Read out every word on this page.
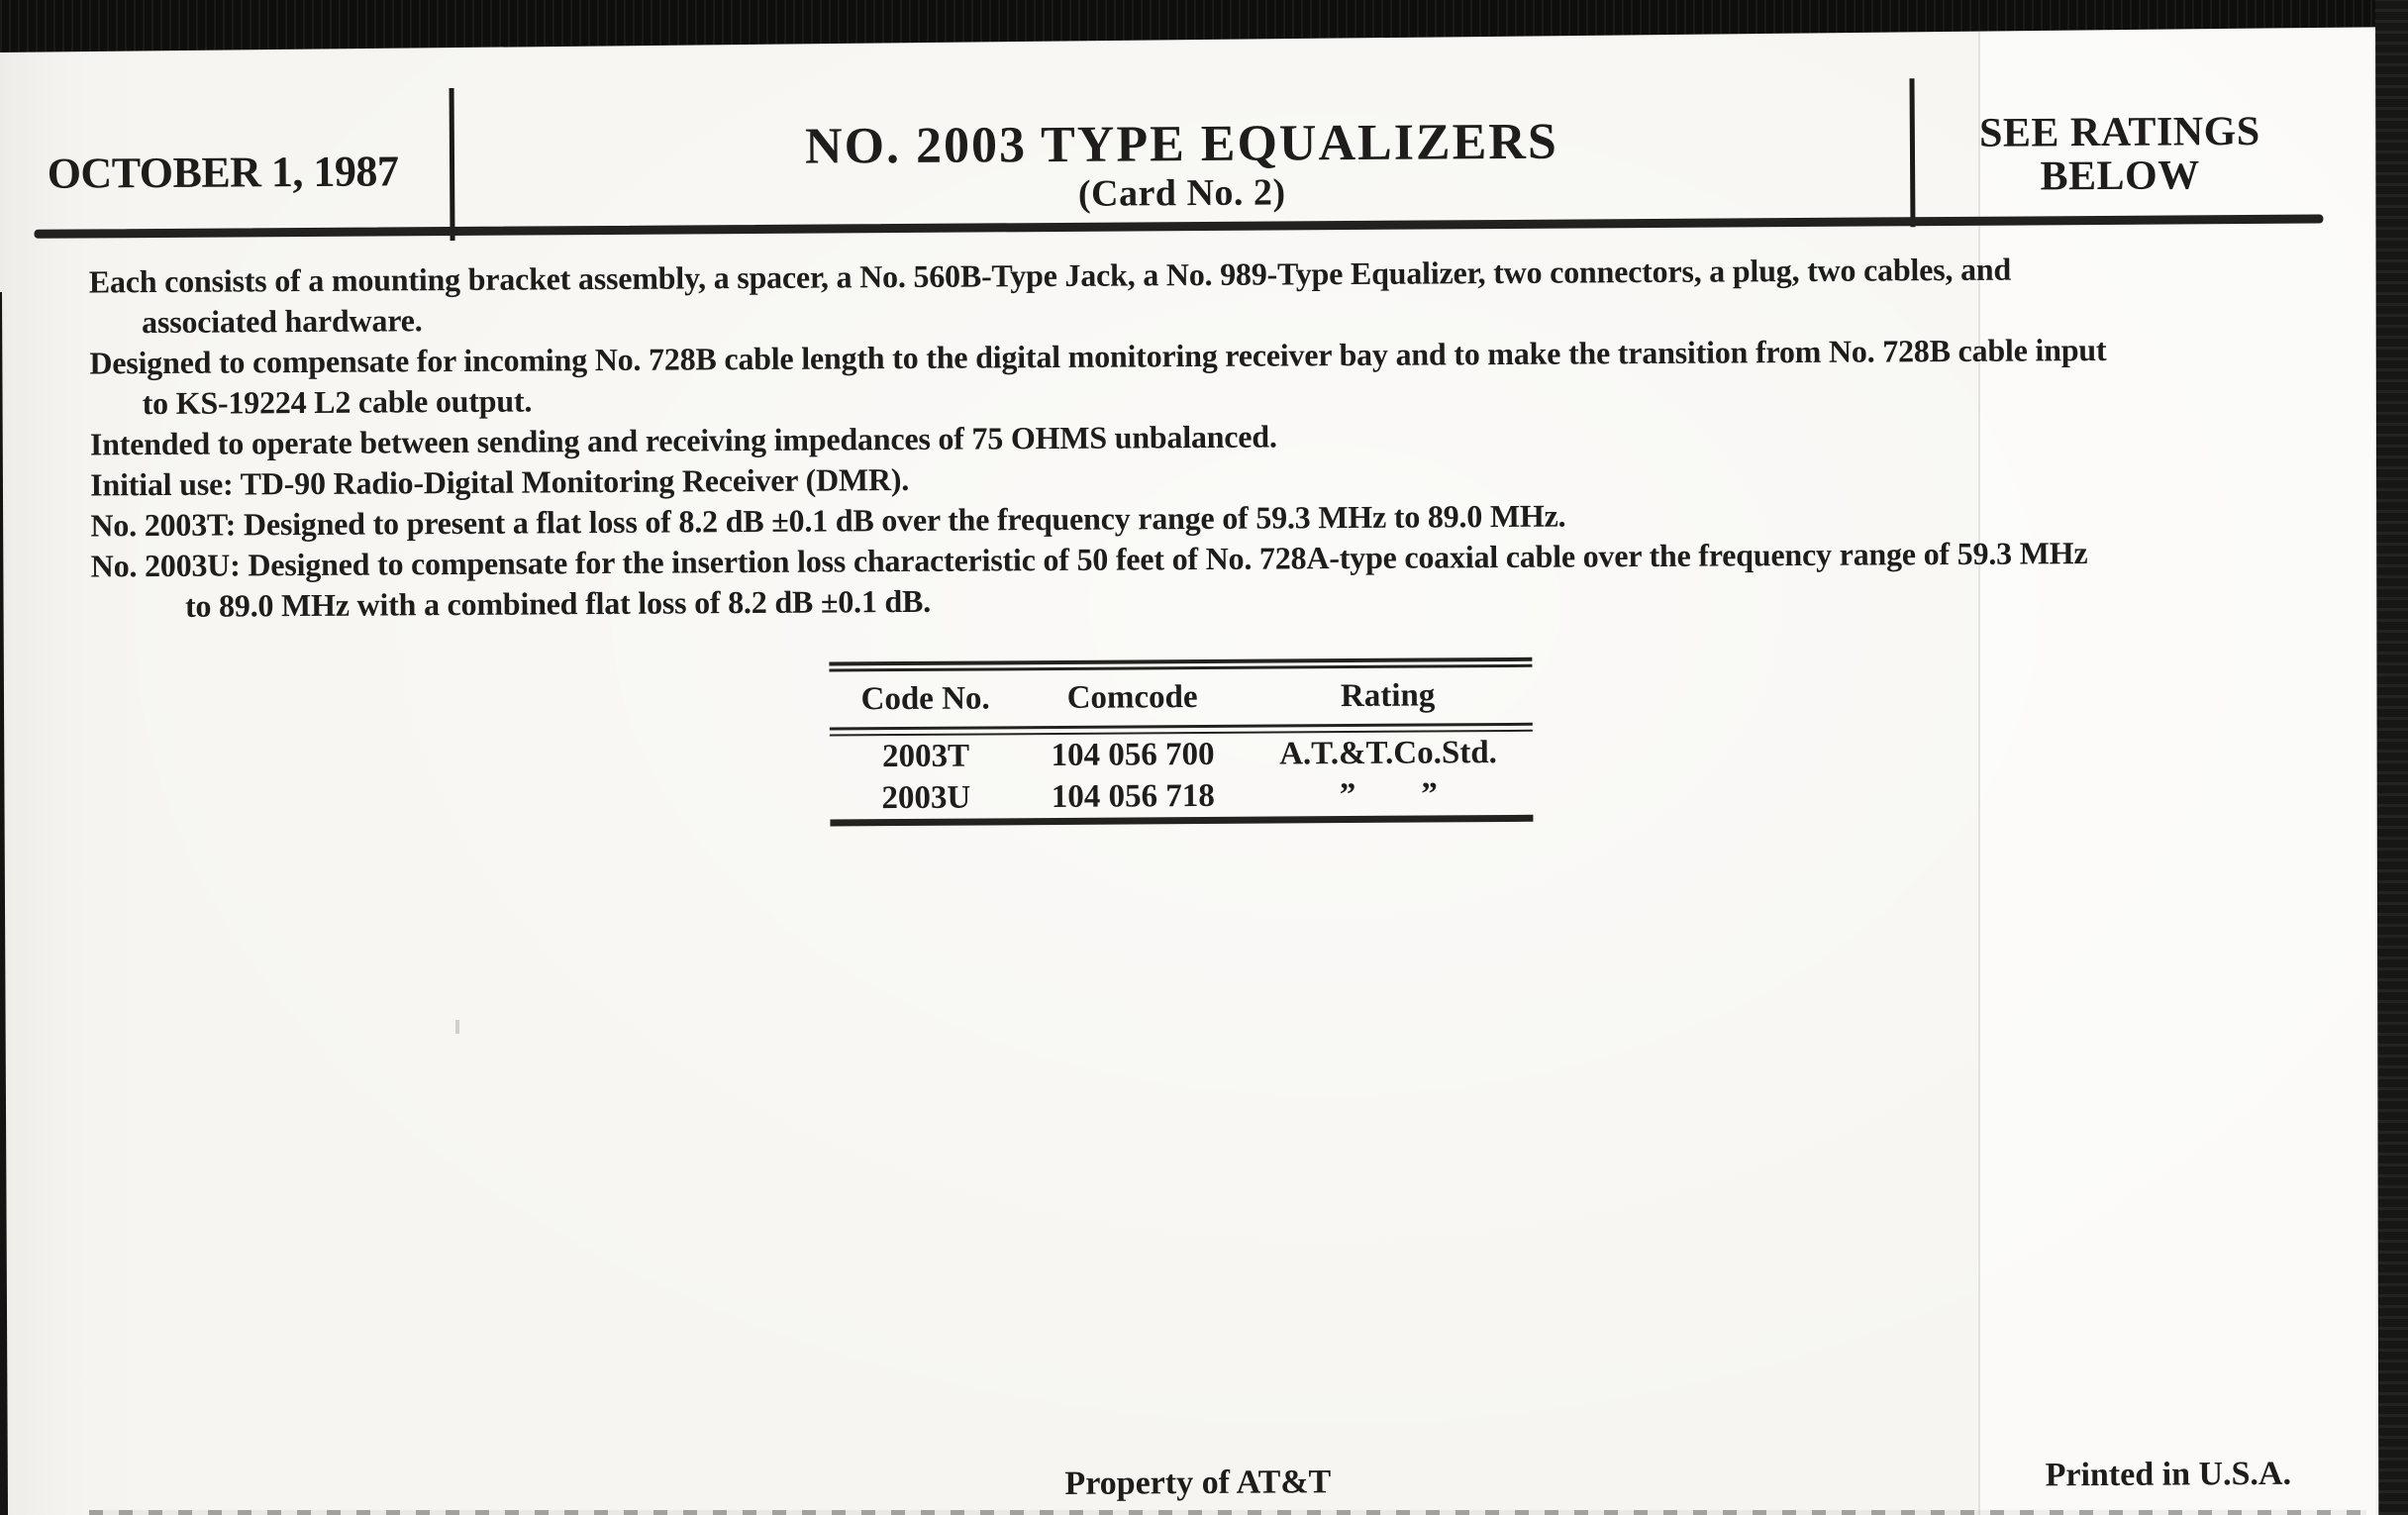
OCTOBER 1, 1987	NO. 2003 TYPE EQUALIZERS
(Card No. 2)
SEE RATINGS
BELOW
Each consists of a mounting bracket assembly, a spacer, a No. 560B-Type Jack, a No. 989-Type Equalizer, two connectors, a plug, two cables, and
associated hardware.
Designed to compensate for incoming No. 728B cable length to the digital monitoring receiver bay and to make the transition from No. 728B cable input
to KS-19224 L2 cable output.
Intended to operate between sending and receiving impedances of 75 OHMS unbalanced.
Initial use: TD-90 Radio-Digital Monitoring Receiver (DMR).
No. 2003T: Designed to present a flat loss of 8.2 dB ±0.1 dB over the frequency range of 59.3 MHz to 89.0 MHz.
No. 2003U: Designed to compensate for the insertion loss characteristic of 50 feet of No. 728A-type coaxial cable over the frequency range of 59.3 MHz
to 89.0 MHz with a combined flat loss of 8.2 dB ±0.1 dB.
Code No.	Comcode	Rating
2003T	104 056 700	A.T.&T.Co.Std.
2003U	104 056 718	”  ”
Property of AT&T	Printed in U.S.A.
